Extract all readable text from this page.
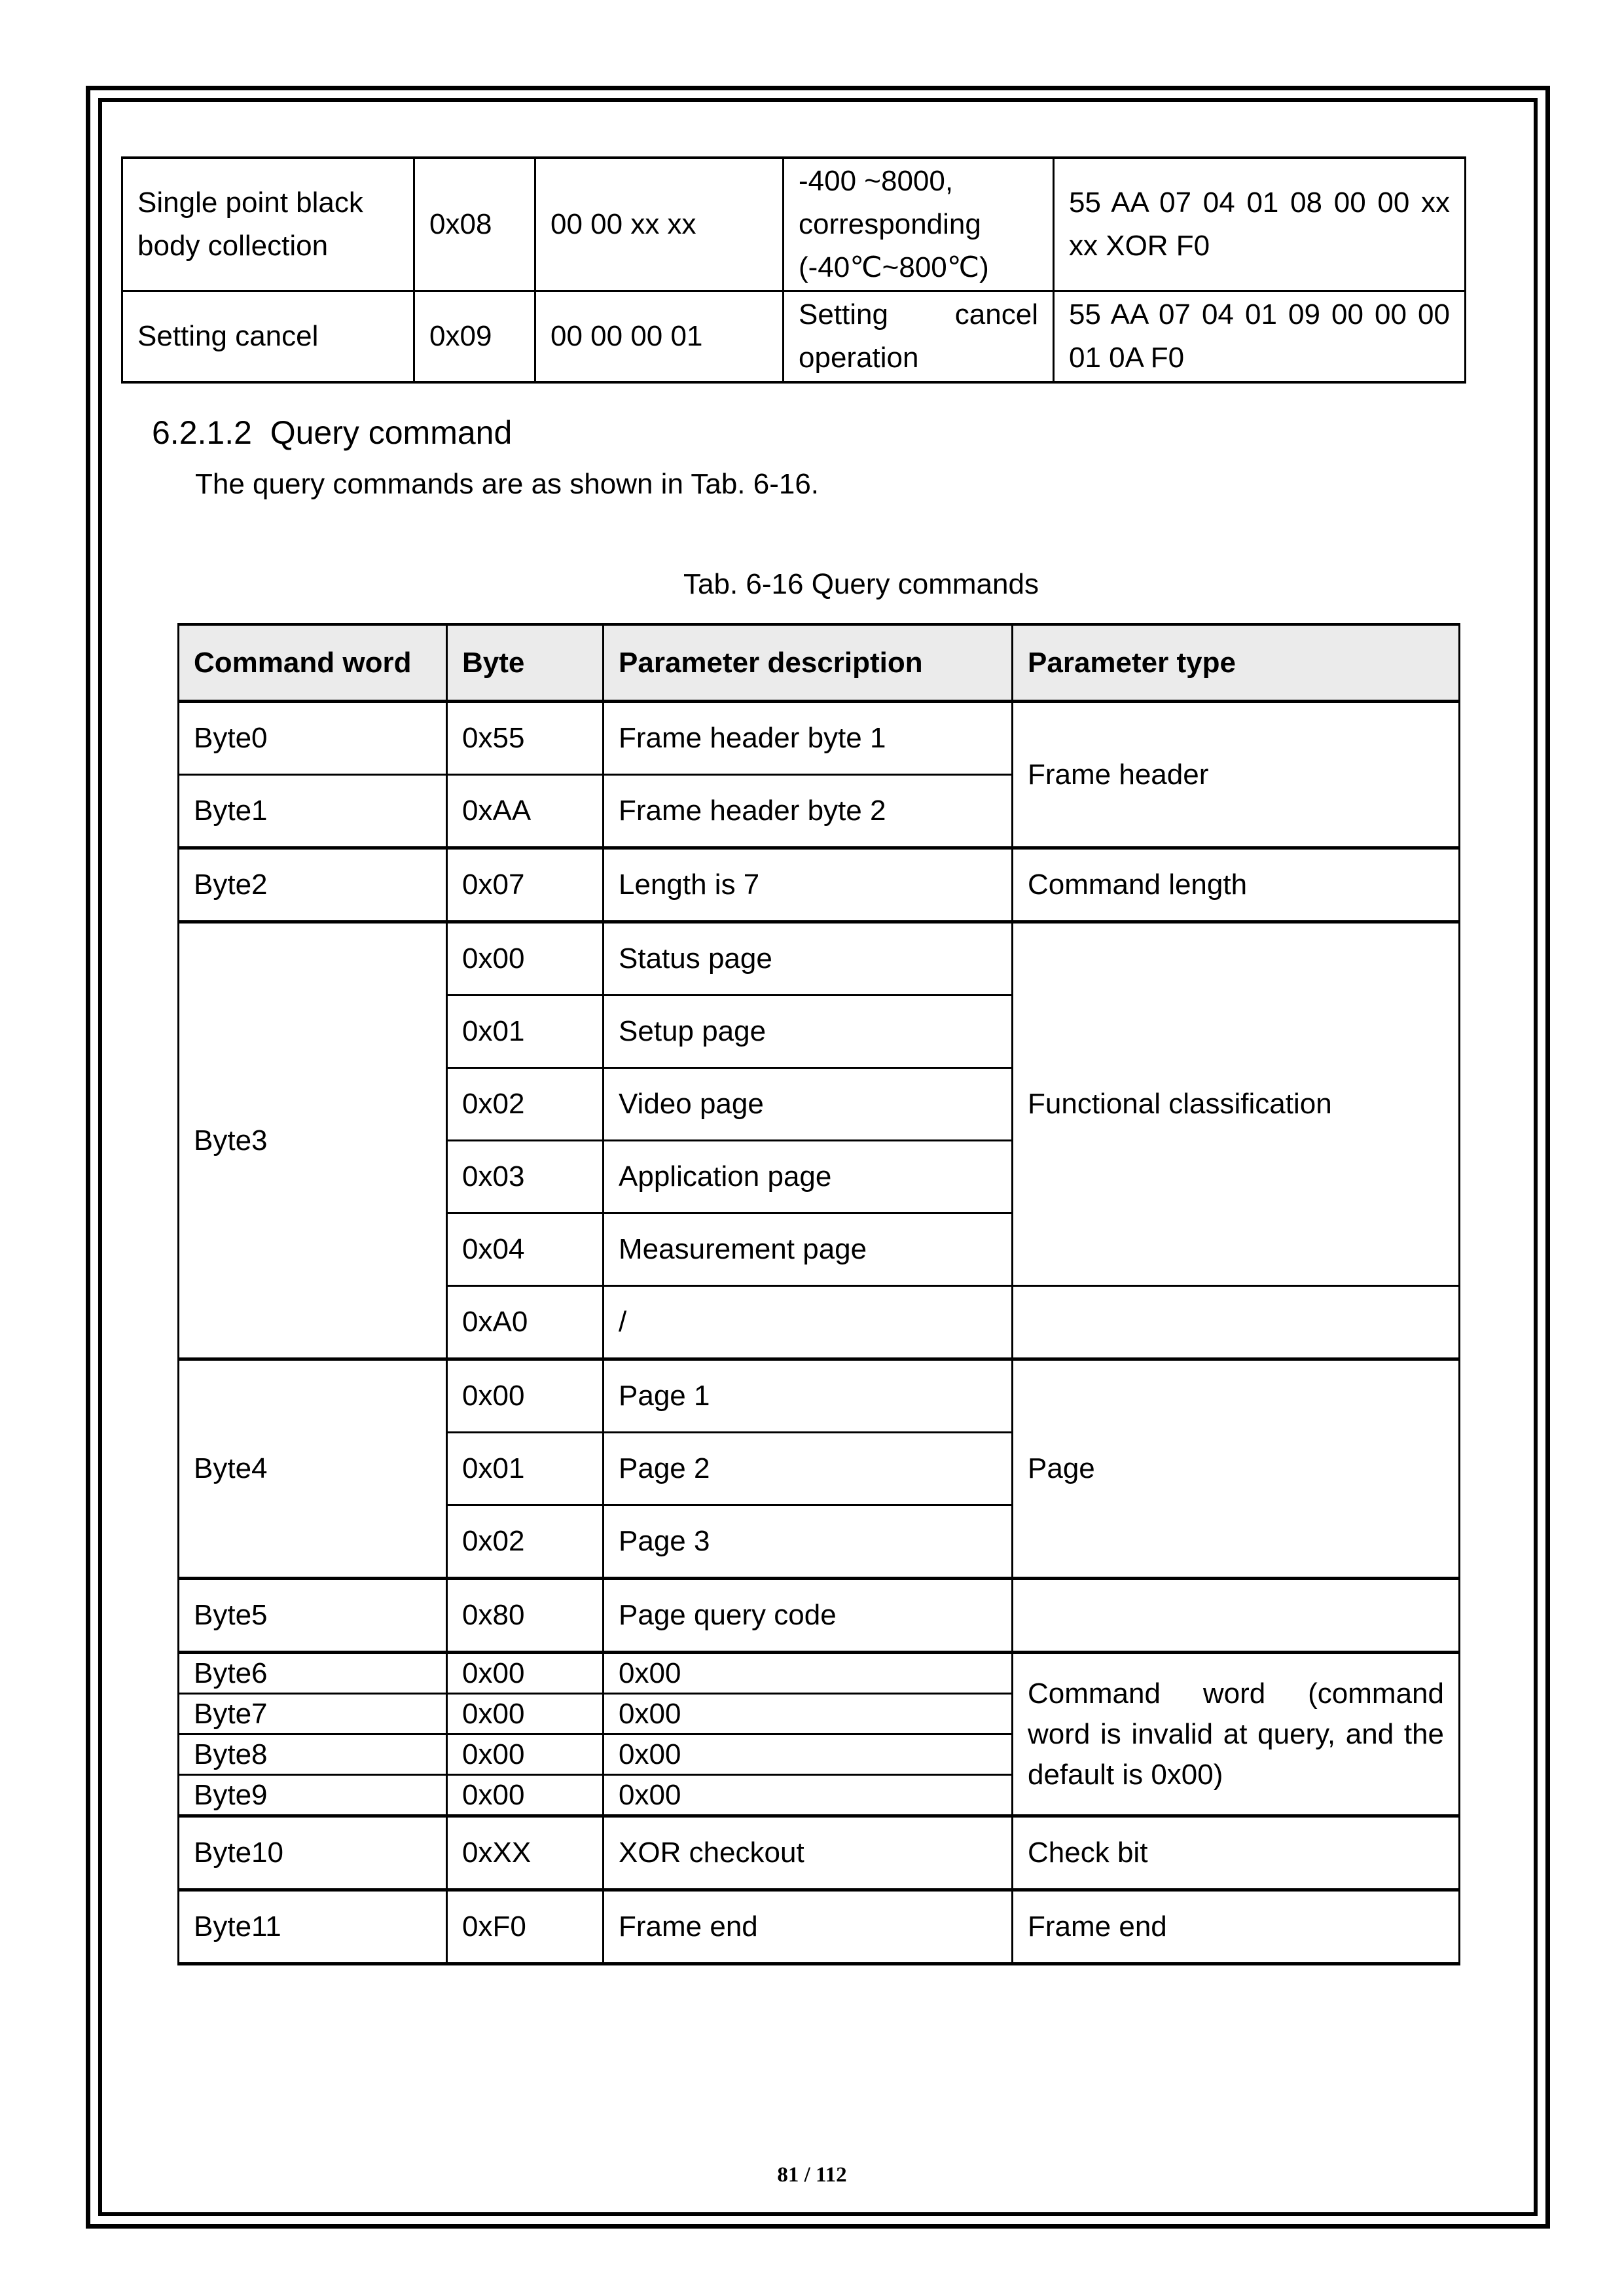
Single point black body collection	0x08	00 00 xx xx	-400 ~8000, corresponding (-40℃~800℃)	55 AA 07 04 01 08 00 00 xx xx XOR F0
Setting cancel	0x09	00 00 00 01	Setting cancel operation	55 AA 07 04 01 09 00 00 00 01 0A F0
6.2.1.2 Query command
The query commands are as shown in Tab. 6-16.
Tab. 6-16 Query commands
Command word	Byte	Parameter description	Parameter type
Byte0	0x55	Frame header byte 1	Frame header
Byte1	0xAA	Frame header byte 2	
Byte2	0x07	Length is 7	Command length
Byte3	0x00	Status page	Functional classification
	0x01	Setup page	
	0x02	Video page	
	0x03	Application page	
	0x04	Measurement page	
	0xA0	/	
Byte4	0x00	Page 1	Page
	0x01	Page 2	
	0x02	Page 3	
Byte5	0x80	Page query code	
Byte6	0x00	0x00	Command word (command word is invalid at query, and the default is 0x00)
Byte7	0x00	0x00	
Byte8	0x00	0x00	
Byte9	0x00	0x00	
Byte10	0xXX	XOR checkout	Check bit
Byte11	0xF0	Frame end	Frame end
81 / 112
